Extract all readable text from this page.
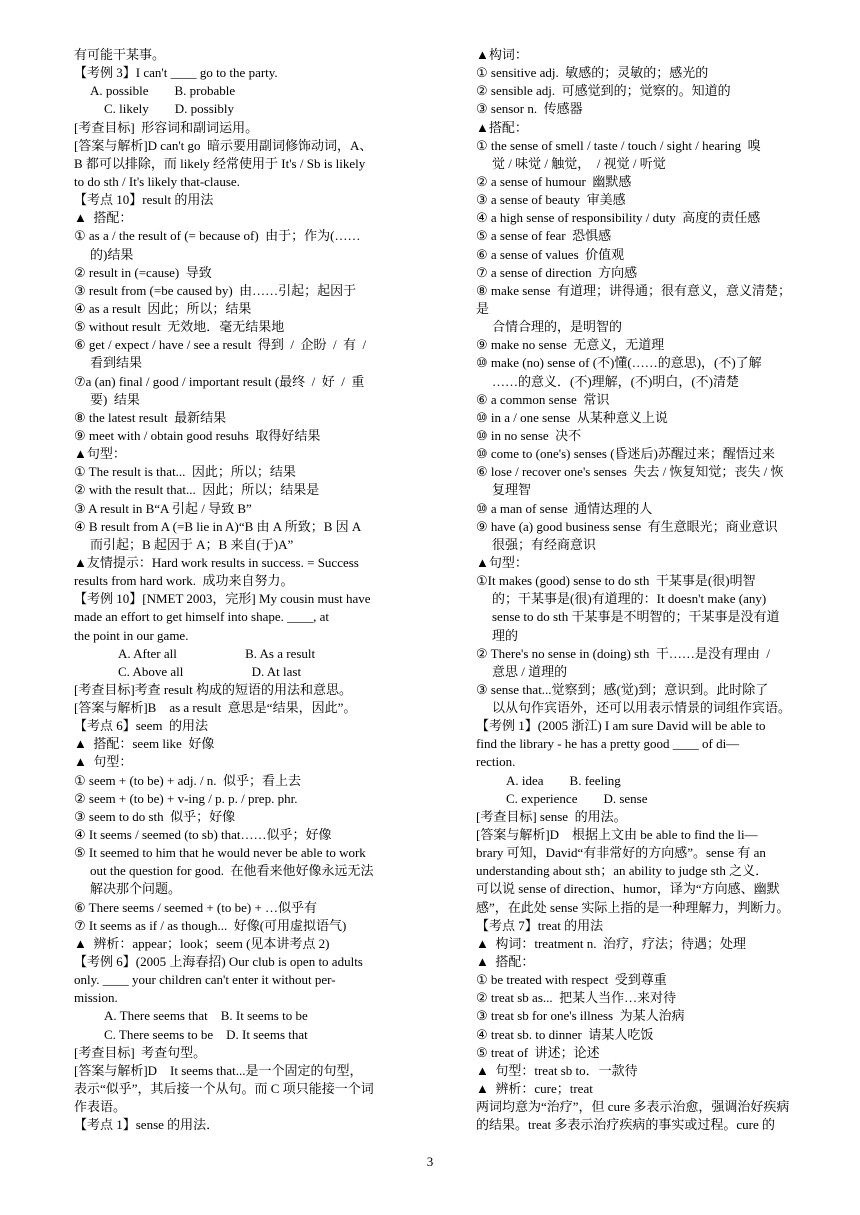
有可能干某事。
【考例 3】I can't ____ go to the party.
A. possible        B. probable
C. likely        D. possibly
[考查目标]  形容词和副词运用。
[答案与解析]D can't go  暗示要用副词修饰动词，A、
B 都可以排除，而 likely 经常使用于 It's / Sb is likely
to do sth / It's likely that-clause.
【考点 10】result 的用法
▲  搭配：
① as a / the result of (= because of)  由于；作为(……
的)结果
② result in (=cause)  导致
③ result from (=be caused by)  由……引起；起因于
④ as a result  因此；所以；结果
⑤ without result  无效地．毫无结果地
⑥ get / expect / have / see a result  得到  /  企盼  /  有  /
看到结果
⑦a (an) final / good / important result (最终  /  好  /  重
要)  结果
⑧ the latest result  最新结果
⑨ meet with / obtain good resuhs  取得好结果
▲句型：
① The result is that...  因此；所以；结果
② with the result that...  因此；所以；结果是
③ A result in B“A 引起 / 导致 B”
④ B result from A (=B lie in A)“B 由 A 所致；B 因 A
而引起；B 起因于 A；B 来自(于)A”
▲友情提示：Hard work results in success. = Success
results from hard work.  成功来自努力。
【考例 10】[NMET 2003，完形] My cousin must have
made an effort to get himself into shape. ____, at
the point in our game.
A. After all                     B. As a result
C. Above all                     D. At last
[考查目标]考查 result 构成的短语的用法和意思。
[答案与解析]B    as a result  意思是“结果，因此”。
【考点 6】seem  的用法
▲  搭配：seem like  好像
▲  句型：
① seem + (to be) + adj. / n.  似乎；看上去
② seem + (to be) + v-ing / p. p. / prep. phr.
③ seem to do sth  似乎；好像
④ It seems / seemed (to sb) that……似乎；好像
⑤ It seemed to him that he would never be able to work
out the question for good.  在他看来他好像永远无法
解决那个问题。
⑥ There seems / seemed + (to be) + …似乎有
⑦ It seems as if / as though...  好像(可用虚拟语气)
▲  辨析：appear；look；seem (见本讲考点 2)
【考例 6】(2005 上海春招) Our club is open to adults
only. ____ your children can't enter it without per-
mission.
A. There seems that    B. It seems to be
C. There seems to be    D. It seems that
[考查目标]  考查句型。
[答案与解析]D    It seems that...是一个固定的句型，
表示“似乎”，其后接一个从句。而 C 项只能接一个词
作表语。
【考点 1】sense 的用法．
▲构词：
① sensitive adj.  敏感的；灵敏的；感光的
② sensible adj.  可感觉到的；觉察的。知道的
③ sensor n.  传感器
▲搭配：
① the sense of smell / taste / touch / sight / hearing  嗅
觉 / 味觉 / 触觉，  / 视觉 / 听觉
② a sense of humour  幽默感
③ a sense of beauty  审美感
④ a high sense of responsibility / duty  高度的责任感
⑤ a sense of fear  恐惧感
⑥ a sense of values  价值观
⑦ a sense of direction  方向感
⑧ make sense  有道理；讲得通；很有意义，意义清楚；
是
合情合理的，是明智的
⑨ make no sense  无意义，无道理
⑩ make (no) sense of (不)懂(……的意思)，(不)了解
……的意义．(不)理解，(不)明白，(不)清楚
⑥ a common sense  常识
⑩ in a / one sense  从某种意义上说
⑩ in no sense  决不
⑩ come to (one's) senses (昏迷后)苏醒过来；醒悟过来
⑥ lose / recover one's senses  失去 / 恢复知觉；丧失 / 恢
复理智
⑩ a man of sense  通情达理的人
⑨ have (a) good business sense  有生意眼光；商业意识
很强；有经商意识
▲句型：
①It makes (good) sense to do sth  干某事是(很)明智
的；干某事是(很)有道理的：It doesn't make (any)
sense to do sth 干某事是不明智的；干某事是没有道
理的
② There's no sense in (doing) sth  干……是没有理由  /
意思 / 道理的
③ sense that...觉察到；感(觉)到；意识到。此时除了
以从句作宾语外，还可以用表示情景的词组作宾语。
【考例 1】(2005 浙江) I am sure David will be able to
find the library - he has a pretty good ____ of di—
rection.
A. idea        B. feeling
C. experience        D. sense
[考查目标] sense  的用法。
[答案与解析]D    根据上文由 be able to find the li—
brary 可知，David“有非常好的方向感”。sense 有 an
understanding about sth；an ability to judge sth 之义．
可以说 sense of direction、humor，译为“方向感、幽默
感”，在此处 sense 实际上指的是一种理解力，判断力。
【考点 7】treat 的用法
▲  构词：treatment n.  治疗，疗法；待遇；处理
▲  搭配：
① be treated with respect  受到尊重
② treat sb as...  把某人当作…来对待
③ treat sb for one's illness  为某人治病
④ treat sb. to dinner  请某人吃饭
⑤ treat of  讲述；论述
▲  句型：treat sb to．一款待
▲  辨析：cure；treat
两词均意为“治疗”，但 cure 多表示治愈，强调治好疾病
的结果。treat 多表示治疗疾病的事实或过程。cure 的
3
